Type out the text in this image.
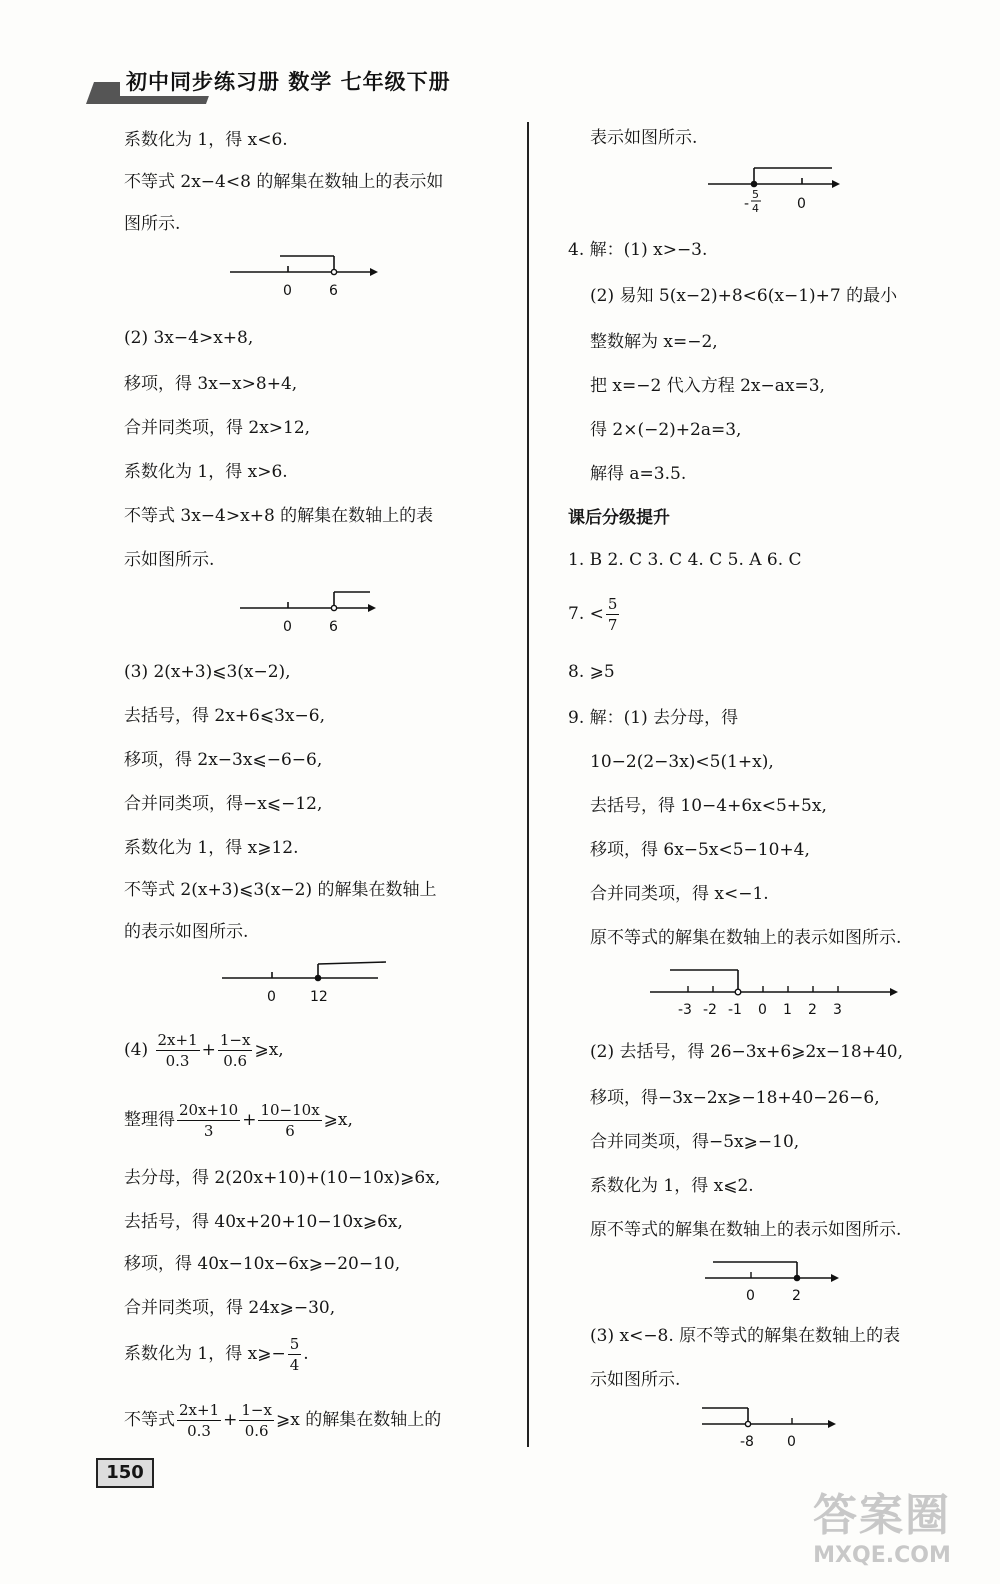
初中同步练习册 数学 七年级下册
系数化为 1，得 x<6.
不等式 2x−4<8 的解集在数轴上的表示如
图所示.
0	6
(2) 3x−4>x+8,
移项，得 3x−x>8+4,
合并同类项，得 2x>12,
系数化为 1，得 x>6.
不等式 3x−4>x+8 的解集在数轴上的表
示如图所示.
0	6
(3) 2(x+3)⩽3(x−2),
去括号，得 2x+6⩽3x−6,
移项，得 2x−3x⩽−6−6,
合并同类项，得−x⩽−12,
系数化为 1，得 x⩾12.
不等式 2(x+3)⩽3(x−2) 的解集在数轴上
的表示如图所示.
0 12
$(4) \frac{2x+1}{0.3} + \frac{1-x}{0.6}$ ⩾x,
整理得 $\frac{20x+10}{3} + \frac{10-10x}{6}$ ⩾x,
去分母，得 2(20x+10)+(10−10x)⩾6x,
去括号，得 40x+20+10−10x⩾6x,
移项，得 40x−10x−6x⩾−20−10,
合并同类项，得 24x⩾−30,
系数化为 1，得 x⩾− $\frac{5}{4}$ .
不等式 $\frac{2x+1}{0.3} + \frac{1-x}{0.6}$ ⩾x 的解集在数轴上的
表示如图所示.
-
5
4	0
4. 解：(1) x>−3.
(2) 易知 5(x−2)+8<6(x−1)+7 的最小
整数解为 x=−2,
把 x=−2 代入方程 2x−ax=3,
得 2×(−2)+2a=3,
解得 a=3.5.
课后分级提升
1. B 2. C 3. C 4. C 5. A 6. C
7. < $\frac{5}{7}$
8. ⩾5
9. 解：(1) 去分母，得
10−2(2−3x)<5(1+x),
去括号，得 10−4+6x<5+5x,
移项，得 6x−5x<5−10+4,
合并同类项，得 x<−1.
原不等式的解集在数轴上的表示如图所示.
-3 -2 -1 0 1 2 3
(2) 去括号，得 26−3x+6⩾2x−18+40,
移项，得−3x−2x⩾−18+40−26−6,
合并同类项，得−5x⩾−10,
系数化为 1，得 x⩽2.
原不等式的解集在数轴上的表示如图所示.
0	2
(3) x<−8. 原不等式的解集在数轴上的表
示如图所示.
-8 0
150
答案圈
MXQE.COM
